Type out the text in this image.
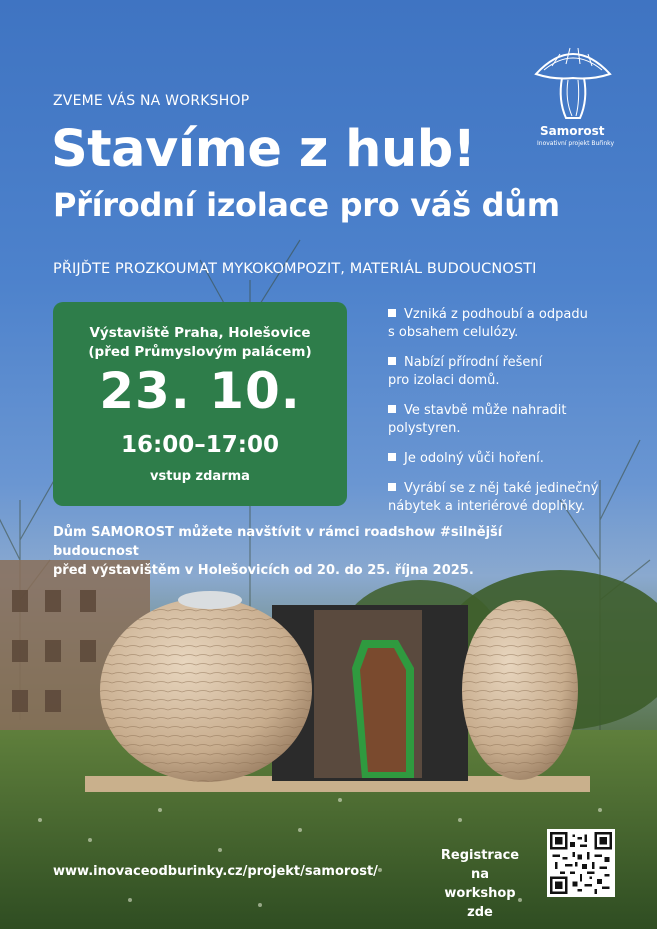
ZVEME VÁS NA WORKSHOP
Stavíme z hub!
Přírodní izolace pro váš dům
PŘIJĎTE PROZKOUMAT MYKOKOMPOZIT, MATERIÁL BUDOUCNOSTI
Samorost
Inovativní projekt Buřinky
Výstaviště Praha, Holešovice
(před Průmyslovým palácem)
23. 10.
16:00–17:00
vstup zdarma
Vzniká z podhoubí a odpadu
s obsahem celulózy.
Nabízí přírodní řešení
pro izolaci domů.
Ve stavbě může nahradit
polystyren.
Je odolný vůči hoření.
Vyrábí se z něj také jedinečný
nábytek a interiérové doplňky.
Dům SAMOROST můžete navštívit v rámci roadshow #silnější budoucnost
před výstavištěm v Holešovicích od 20. do 25. října 2025.
www.inovaceodburinky.cz/projekt/samorost/
Registrace na
workshop zde
